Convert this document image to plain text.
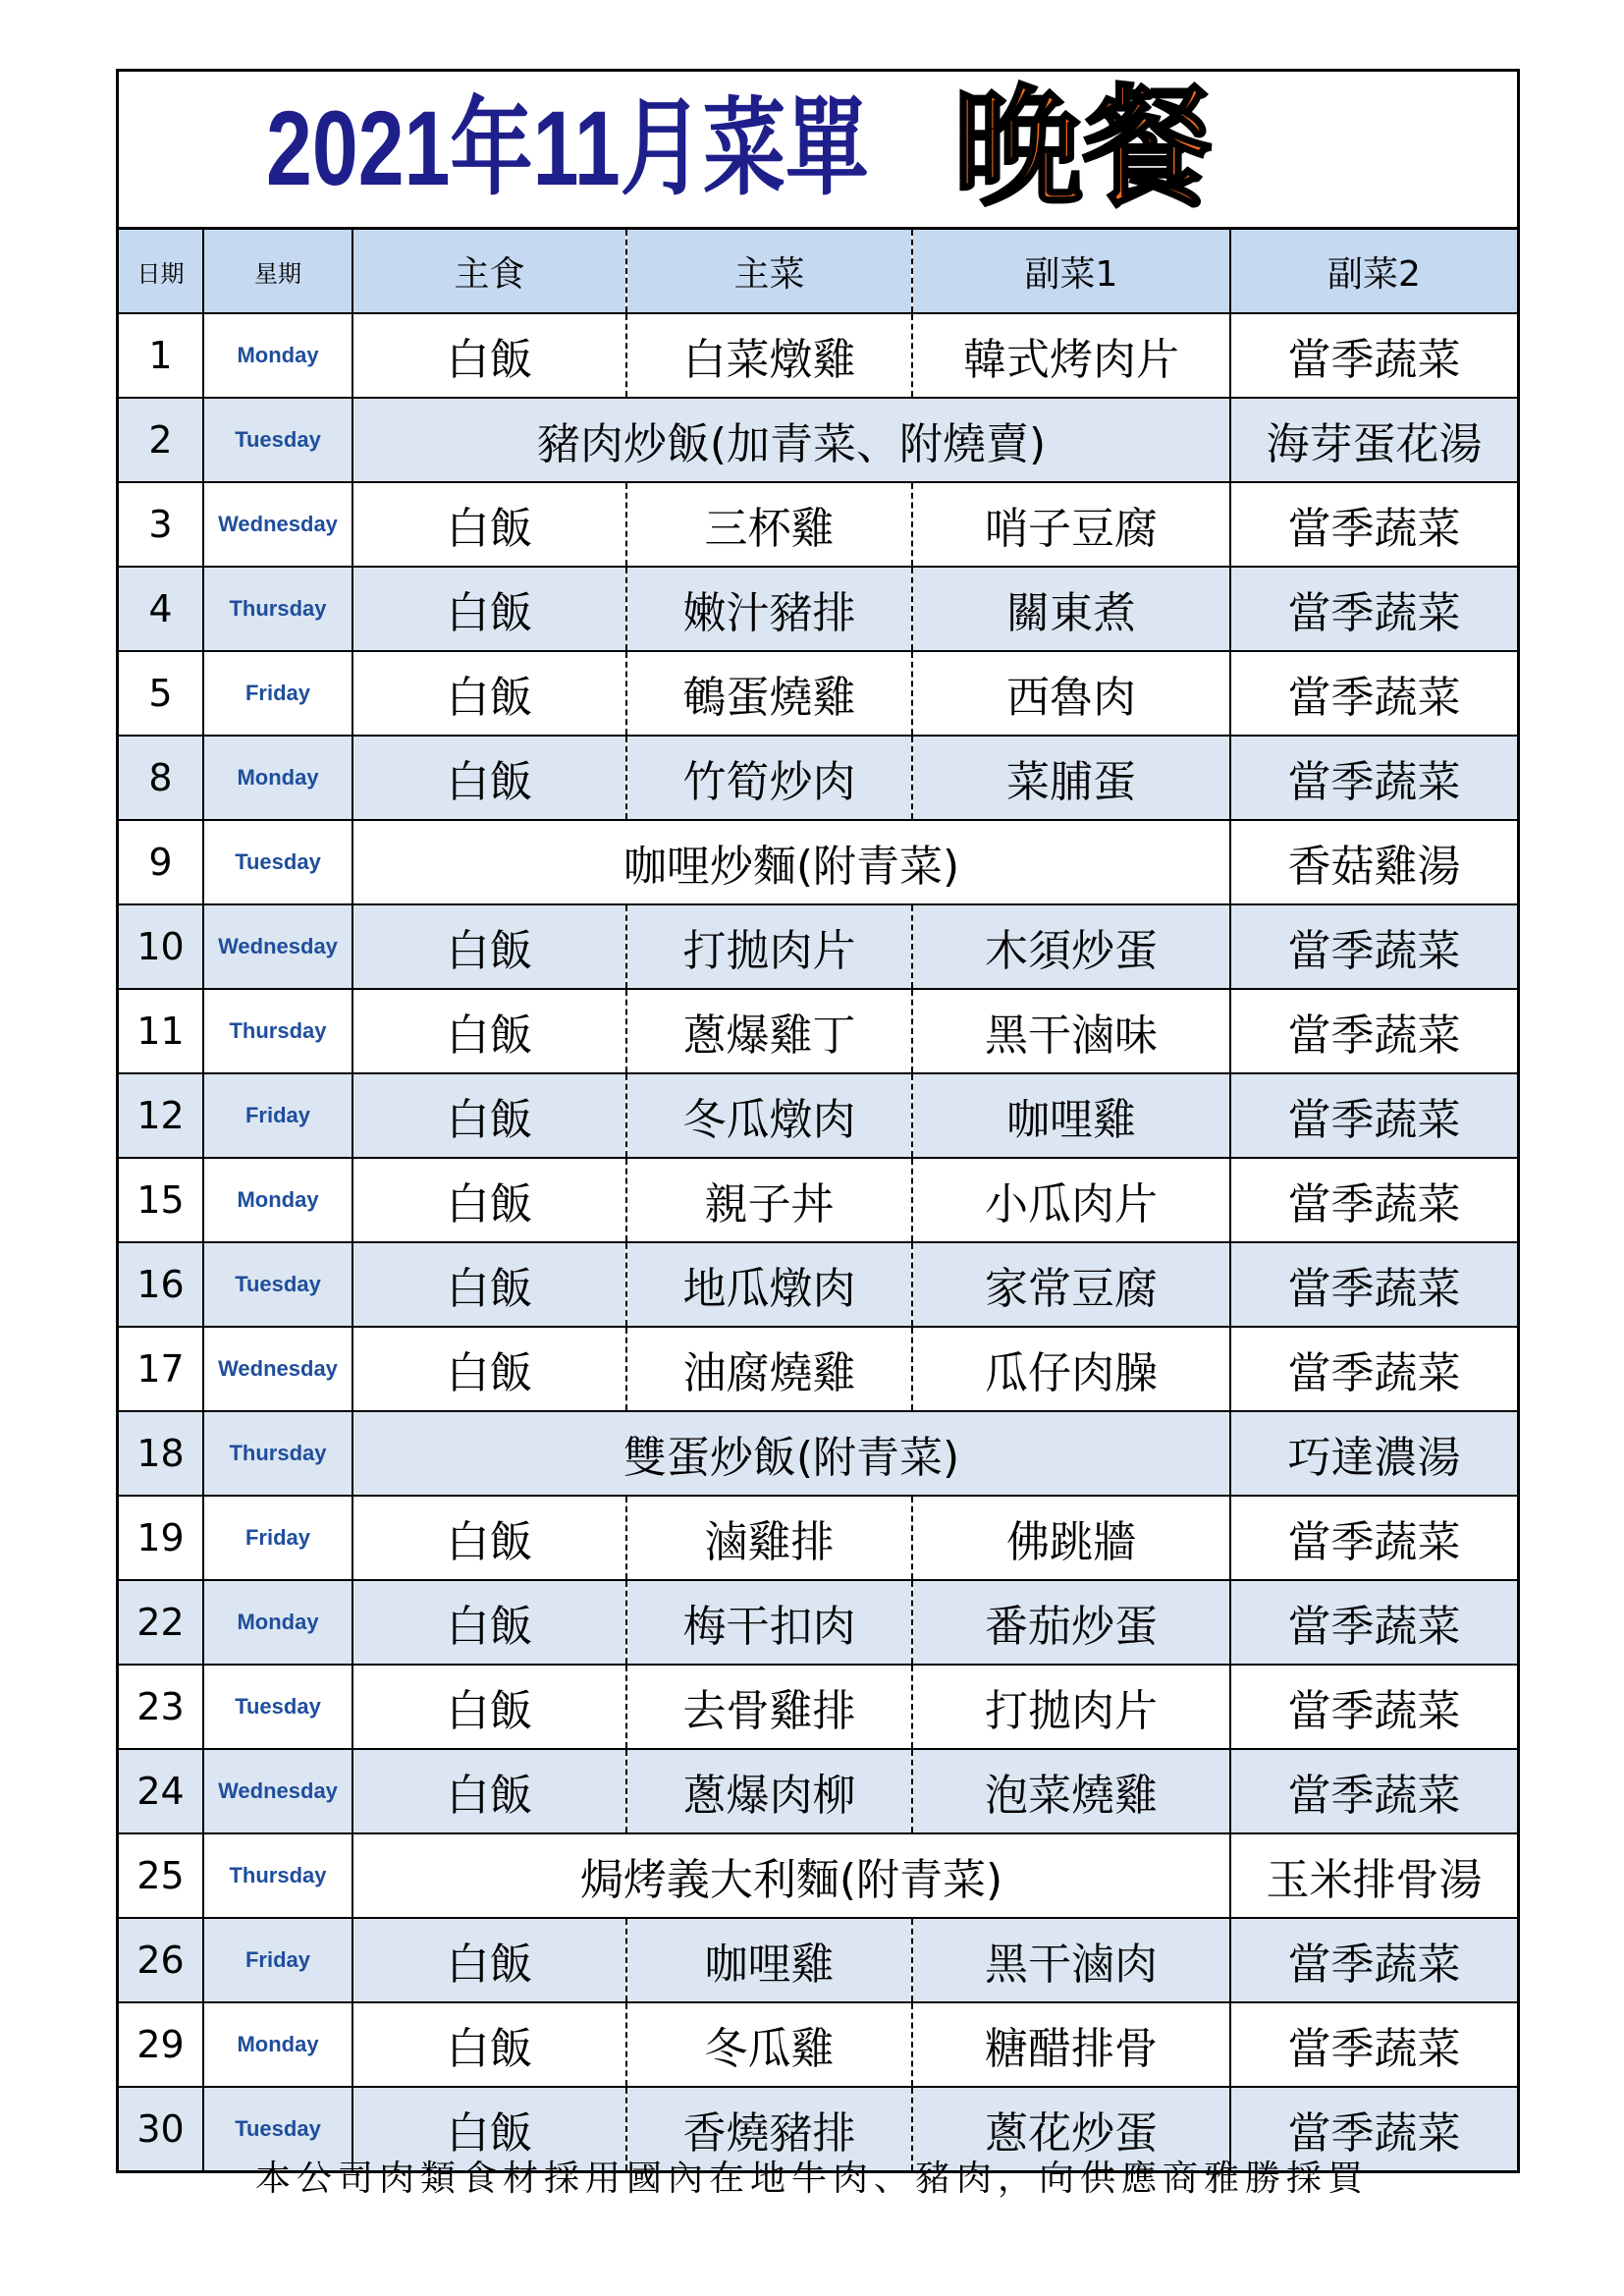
2021年11月菜單 晚餐
日期	星期	主食	主菜	副菜1	副菜2
1	Monday	白飯	白菜燉雞	韓式烤肉片	當季蔬菜
2	Tuesday	豬肉炒飯(加青菜、附燒賣)			海芽蛋花湯
3	Wednesday	白飯	三杯雞	哨子豆腐	當季蔬菜
4	Thursday	白飯	嫩汁豬排	關東煮	當季蔬菜
5	Friday	白飯	鵪蛋燒雞	西魯肉	當季蔬菜
8	Monday	白飯	竹筍炒肉	菜脯蛋	當季蔬菜
9	Tuesday	咖哩炒麵(附青菜)			香菇雞湯
10	Wednesday	白飯	打拋肉片	木須炒蛋	當季蔬菜
11	Thursday	白飯	蔥爆雞丁	黑干滷味	當季蔬菜
12	Friday	白飯	冬瓜燉肉	咖哩雞	當季蔬菜
15	Monday	白飯	親子丼	小瓜肉片	當季蔬菜
16	Tuesday	白飯	地瓜燉肉	家常豆腐	當季蔬菜
17	Wednesday	白飯	油腐燒雞	瓜仔肉臊	當季蔬菜
18	Thursday	雙蛋炒飯(附青菜)			巧達濃湯
19	Friday	白飯	滷雞排	佛跳牆	當季蔬菜
22	Monday	白飯	梅干扣肉	番茄炒蛋	當季蔬菜
23	Tuesday	白飯	去骨雞排	打拋肉片	當季蔬菜
24	Wednesday	白飯	蔥爆肉柳	泡菜燒雞	當季蔬菜
25	Thursday	焗烤義大利麵(附青菜)			玉米排骨湯
26	Friday	白飯	咖哩雞	黑干滷肉	當季蔬菜
29	Monday	白飯	冬瓜雞	糖醋排骨	當季蔬菜
30	Tuesday	白飯	香燒豬排	蔥花炒蛋	當季蔬菜
本公司肉類食材採用國內在地牛肉、豬肉，向供應商雅勝採買
